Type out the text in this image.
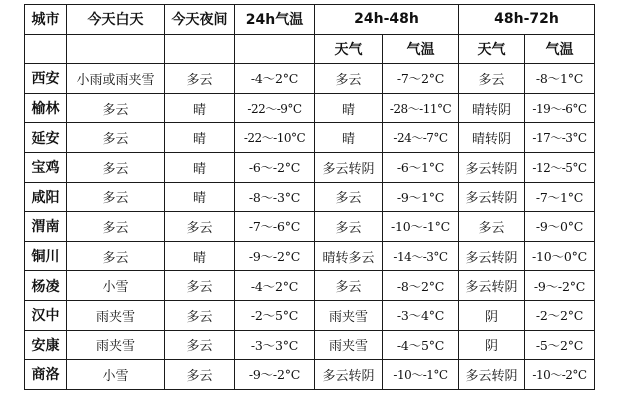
城市	今天白天	今天夜间	24h气温	24h-48h		48h-72h	
				天气	气温	天气	气温
西安	小雨或雨夹雪	多云	-4～2°C	多云	-7～2°C	多云	-8～1°C
榆林	多云	晴	-22～-9°C	晴	-28～-11°C	晴转阴	-19～-6°C
延安	多云	晴	-22～-10°C	晴	-24～-7°C	晴转阴	-17～-3°C
宝鸡	多云	晴	-6～-2°C	多云转阴	-6～1°C	多云转阴	-12～-5°C
咸阳	多云	晴	-8～-3°C	多云	-9～1°C	多云转阴	-7～1°C
渭南	多云	多云	-7～-6°C	多云	-10～-1°C	多云	-9～0°C
铜川	多云	晴	-9～-2°C	晴转多云	-14～-3°C	多云转阴	-10～0°C
杨凌	小雪	多云	-4～2°C	多云	-8～2°C	多云转阴	-9～-2°C
汉中	雨夹雪	多云	-2～5°C	雨夹雪	-3～4°C	阴	-2～2°C
安康	雨夹雪	多云	-3～3°C	雨夹雪	-4～5°C	阴	-5～2°C
商洛	小雪	多云	-9～-2°C	多云转阴	-10～-1°C	多云转阴	-10～-2°C
